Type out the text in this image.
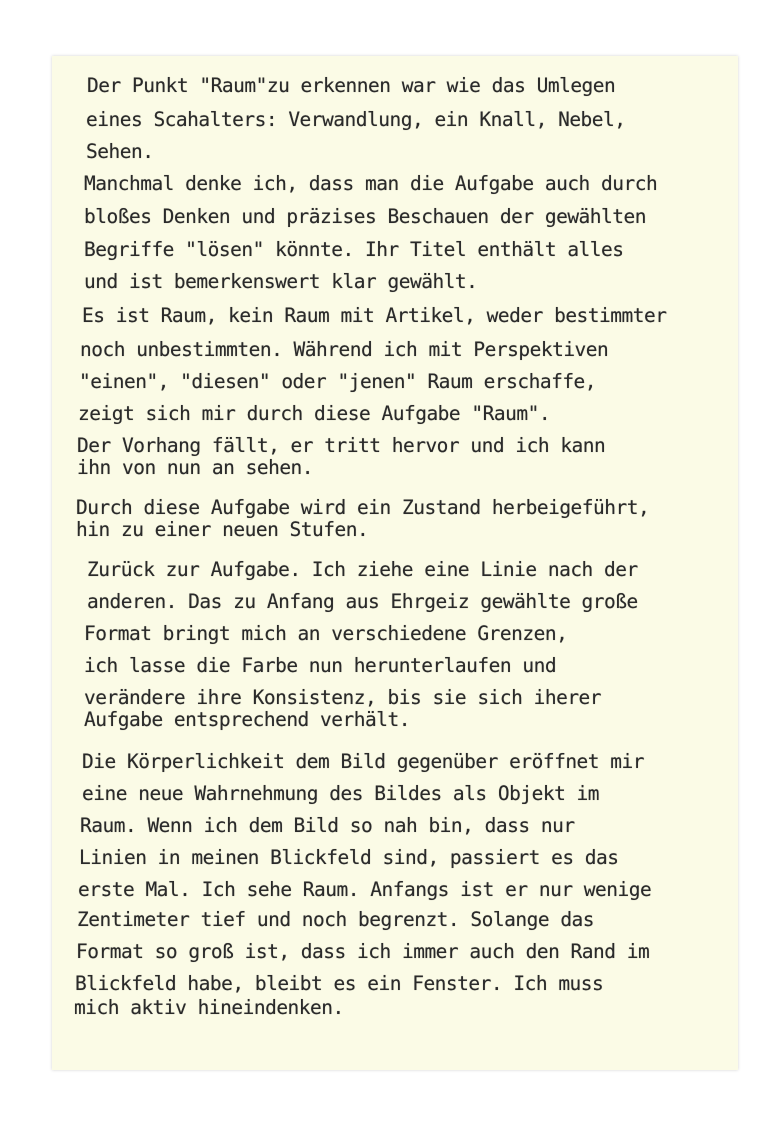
Der Punkt "Raum"zu erkennen war wie das Umlegen
eines Scahalters: Verwandlung, ein Knall, Nebel,
Sehen.
Manchmal denke ich, dass man die Aufgabe auch durch
bloßes Denken und präzises Beschauen der gewählten
Begriffe "lösen" könnte. Ihr Titel enthält alles
und ist bemerkenswert klar gewählt.
Es ist Raum, kein Raum mit Artikel, weder bestimmter
noch unbestimmten. Während ich mit Perspektiven
"einen", "diesen" oder "jenen" Raum erschaffe,
zeigt sich mir durch diese Aufgabe "Raum".
Der Vorhang fällt, er tritt hervor und ich kann
ihn von nun an sehen.
Durch diese Aufgabe wird ein Zustand herbeigeführt,
hin zu einer neuen Stufen.
Zurück zur Aufgabe. Ich ziehe eine Linie nach der
anderen. Das zu Anfang aus Ehrgeiz gewählte große
Format bringt mich an verschiedene Grenzen,
ich lasse die Farbe nun herunterlaufen und
verändere ihre Konsistenz, bis sie sich iherer
Aufgabe entsprechend verhält.
Die Körperlichkeit dem Bild gegenüber eröffnet mir
eine neue Wahrnehmung des Bildes als Objekt im
Raum. Wenn ich dem Bild so nah bin, dass nur
Linien in meinen Blickfeld sind, passiert es das
erste Mal. Ich sehe Raum. Anfangs ist er nur wenige
Zentimeter tief und noch begrenzt. Solange das
Format so groß ist, dass ich immer auch den Rand im
Blickfeld habe, bleibt es ein Fenster. Ich muss
mich aktiv hineindenken.
